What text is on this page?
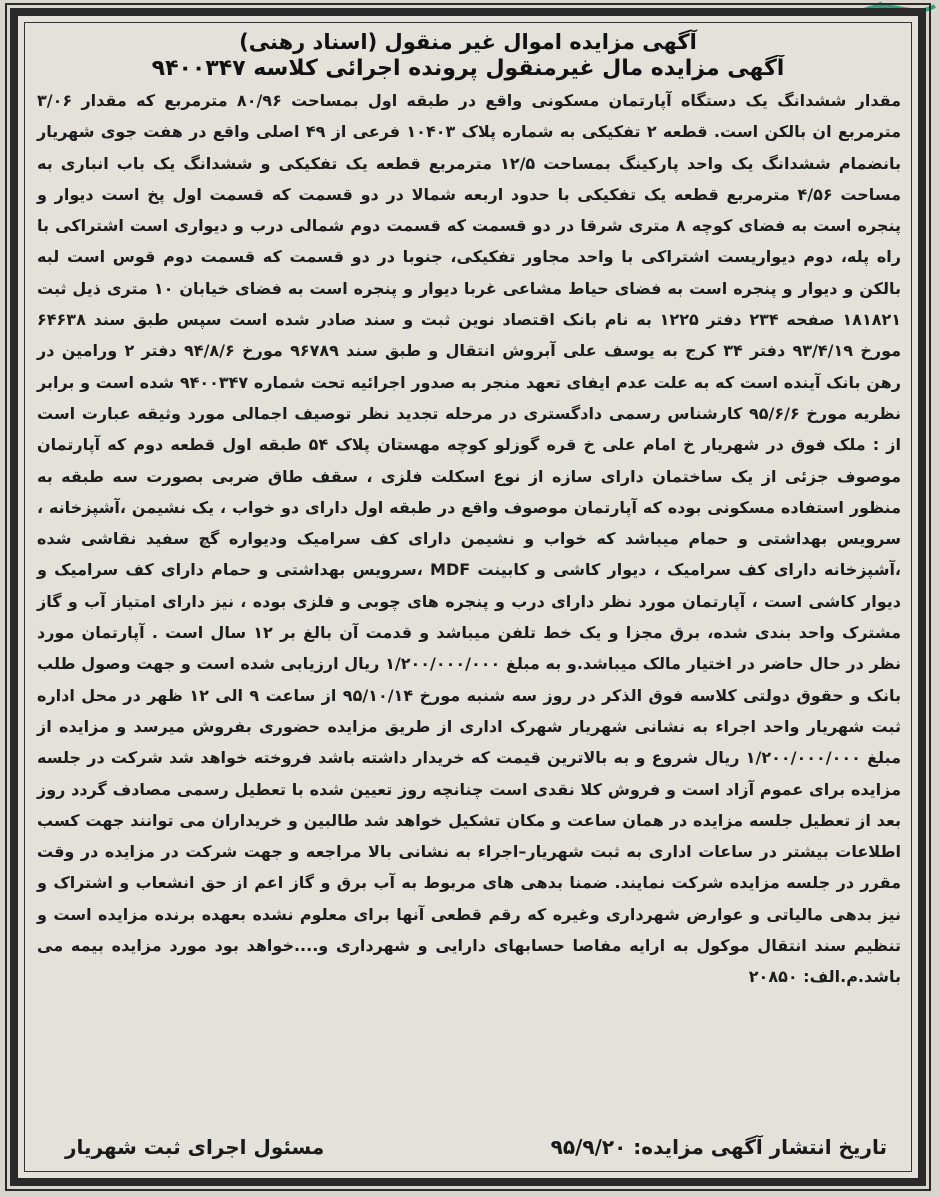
آگهی مزایده اموال غیر منقول (اسناد رهنی)
آگهی مزایده مال غیرمنقول پرونده اجرائی کلاسه ۹۴۰۰۳۴۷
مقدار ششدانگ یک دستگاه آپارتمان مسکونی واقع در طبقه اول بمساحت ۸۰/۹۶ مترمربع که مقدار ۳/۰۶ مترمربع ان بالکن است. قطعه ۲ تفکیکی به شماره پلاک ۱۰۴۰۳ فرعی از ۴۹ اصلی واقع در هفت جوی شهریار بانضمام ششدانگ یک واحد پارکینگ بمساحت ۱۲/۵ مترمربع قطعه یک تفکیکی و ششدانگ یک باب انباری به مساحت ۴/۵۶ مترمربع قطعه یک تفکیکی با حدود اربعه شمالا در دو قسمت که قسمت اول پخ است دیوار و پنجره است به فضای کوچه ۸ متری شرقا در دو قسمت که قسمت دوم شمالی درب و دیواری است اشتراکی با راه پله، دوم دیواریست اشتراکی با واحد مجاور تفکیکی، جنوبا در دو قسمت که قسمت دوم قوس است لبه بالکن و دیوار و پنجره است به فضای حیاط مشاعی غربا دیوار و پنجره است به فضای خیابان ۱۰ متری ذیل ثبت ۱۸۱۸۲۱ صفحه ۲۳۴ دفتر ۱۲۲۵ به نام بانک اقتصاد نوین ثبت و سند صادر شده است سپس طبق سند ۶۴۶۳۸ مورخ ۹۳/۴/۱۹ دفتر ۳۴ کرج به یوسف علی آبروش انتقال و طبق سند ۹۶۷۸۹ مورخ ۹۴/۸/۶ دفتر ۲ ورامین در رهن بانک آینده است که به علت عدم ایفای تعهد منجر به صدور اجرائیه تحت شماره ۹۴۰۰۳۴۷ شده است و برابر نظریه مورخ ۹۵/۶/۶ کارشناس رسمی دادگستری در مرحله تجدید نظر توصیف اجمالی مورد وثیقه عبارت است از : ملک فوق در شهریار خ امام علی خ قره گوزلو کوچه مهستان پلاک ۵۴ طبقه اول قطعه دوم که آپارتمان موصوف جزئی از یک ساختمان دارای سازه از نوع اسکلت فلزی ، سقف طاق ضربی بصورت سه طبقه به منظور استفاده مسکونی بوده که آپارتمان موصوف واقع در طبقه اول دارای دو خواب ، یک نشیمن ،آشپزخانه ، سرویس بهداشتی و حمام میباشد که خواب و نشیمن دارای کف سرامیک ودیواره گچ سفید نقاشی شده ،آشپزخانه دارای کف سرامیک ، دیوار کاشی و کابینت MDF ،سرویس بهداشتی و حمام دارای کف سرامیک و دیوار کاشی است ، آپارتمان مورد نظر دارای درب و پنجره های چوبی و فلزی بوده ، نیز دارای امتیاز آب و گاز مشترک واحد بندی شده، برق مجزا و یک خط تلفن میباشد و قدمت آن بالغ بر ۱۲ سال است . آپارتمان مورد نظر در حال حاضر در اختیار مالک میباشد.و به مبلغ ۱/۲۰۰/۰۰۰/۰۰۰ ریال ارزیابی شده است و جهت وصول طلب بانک و حقوق دولتی کلاسه فوق الذکر در روز سه شنبه مورخ ۹۵/۱۰/۱۴ از ساعت ۹ الی ۱۲ ظهر در محل اداره ثبت شهریار واحد اجراء به نشانی شهریار شهرک اداری از طریق مزایده حضوری بفروش میرسد و مزایده از مبلغ ۱/۲۰۰/۰۰۰/۰۰۰ ریال شروع و به بالاترین قیمت که خریدار داشته باشد فروخته خواهد شد شرکت در جلسه مزایده برای عموم آزاد است و فروش کلا نقدی است چنانچه روز تعیین شده با تعطیل رسمی مصادف گردد روز بعد از تعطیل جلسه مزایده در همان ساعت و مکان تشکیل خواهد شد طالبین و خریداران می توانند جهت کسب اطلاعات بیشتر در ساعات اداری به ثبت شهریار–اجراء به نشانی بالا مراجعه و جهت شرکت در مزایده در وقت مقرر در جلسه مزایده شرکت نمایند. ضمنا بدهی های مربوط به آب برق و گاز اعم از حق انشعاب و اشتراک و نیز بدهی مالیاتی و عوارض شهرداری وغیره که رقم قطعی آنها برای معلوم نشده بعهده برنده مزایده است و تنظیم سند انتقال موکول به ارایه مفاصا حسابهای دارایی و شهرداری و....خواهد بود مورد مزایده بیمه می باشد.م.الف: ۲۰۸۵۰
تاریخ انتشار آگهی مزایده: ۹۵/۹/۲۰
مسئول اجرای ثبت شهریار
